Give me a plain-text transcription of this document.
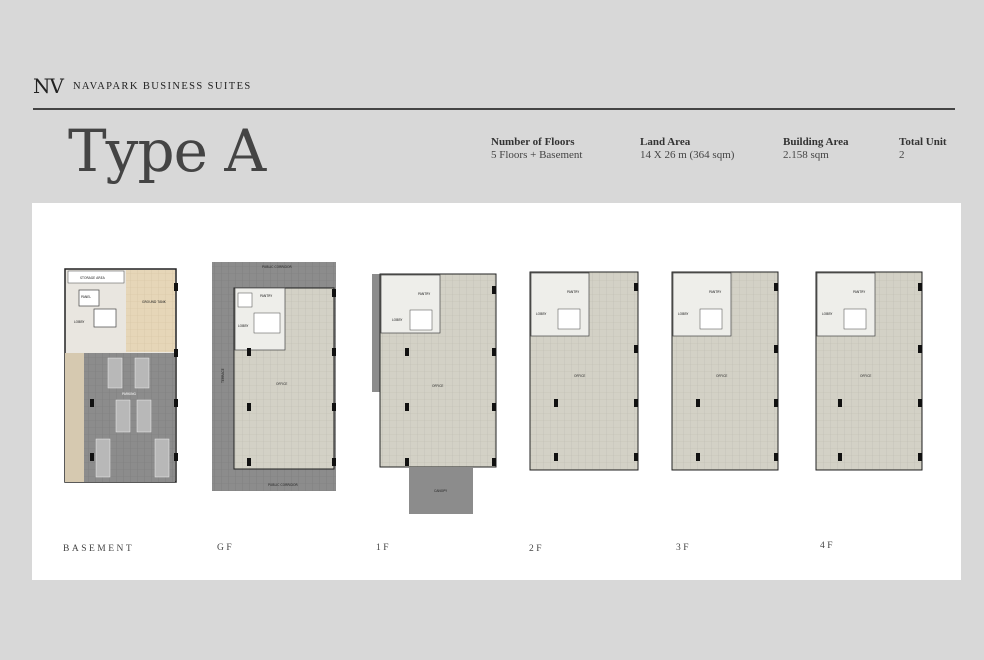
NV NAVAPARK BUSINESS SUITES
Type A	Number of Floors
5 Floors + Basement
Land Area
14 X 26 m (364 sqm)
Building Area
2.158 sqm
Total Unit
2
STORAGE AREA
PANEL
LOBBY
GROUND TANK
PARKING
PUBLIC CORRIDOR
PANTRY
LOBBY
OFFICE
PUBLIC CORRIDOR
TERRACE
PANTRY
LOBBY
OFFICE
CANOPY
PANTRY
LOBBY
OFFICE
PANTRY
LOBBY
OFFICE
PANTRY
LOBBY
OFFICE
BASEMENT	GF	1F	2F	3F	4F
